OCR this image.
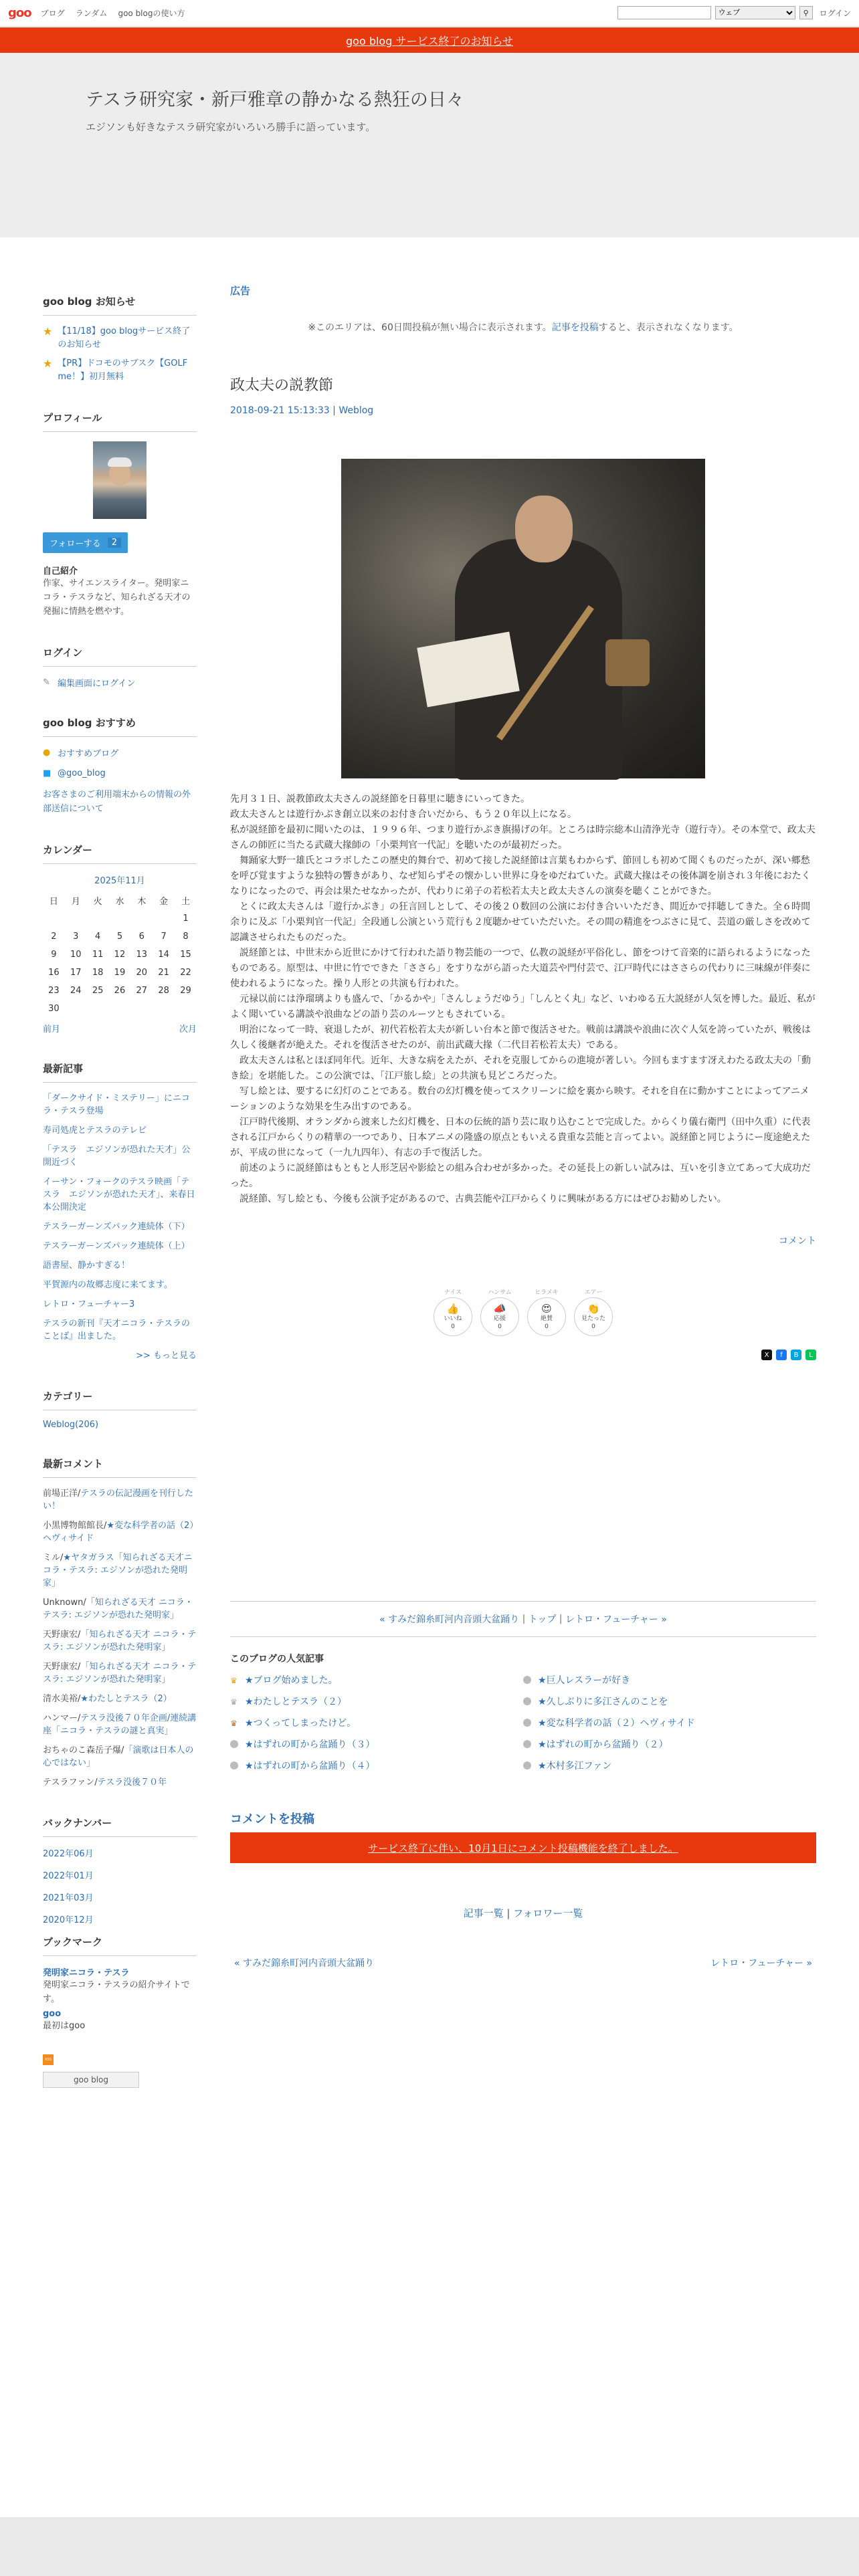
goo ブログ ランダム goo blogの使い方
ウェブ	⚲	ログイン
goo blog サービス終了のお知らせ
テスラ研究家・新戸雅章の静かなる熱狂の日々
エジソンも好きなテスラ研究家がいろいろ勝手に語っています。
goo blog お知らせ
★ 【11/18】goo blogサービス終了のお知らせ
★ 【PR】ドコモのサブスク【GOLF me！】初月無料
プロフィール
フォローする	2
自己紹介
作家、サイエンスライター。発明家ニコラ・テスラなど、知られざる天才の発掘に情熱を燃やす。
ログイン
✎ 編集画面にログイン
goo blog おすすめ
● おすすめブログ
■ @goo_blog
お客さまのご利用端末からの情報の外部送信について
カレンダー
2025年11月
日	月	火	水	木	金	土
						1
2	3	4	5	6	7	8
9	10	11	12	13	14	15
16	17	18	19	20	21	22
23	24	25	26	27	28	29
30						
前月	次月
最新記事
「ダークサイド・ミステリー」にニコラ・テスラ登場
寿司処虎とテスラのテレビ
「テスラ　エジソンが恐れた天才」公開近づく
イーサン・フォークのテスラ映画「テスラ　エジソンが恐れた天才」、来春日本公開決定
テスラーガーンズパック連続体（下）
テスラーガーンズパック連続体（上）
語書屋、静かすぎる！
平賀源内の故郷志度に来てます。
レトロ・フューチャー3
テスラの新刊『天才ニコラ・テスラのことば』出ました。
>> もっと見る
カテゴリー
Weblog(206)
最新コメント
前場正洋/テスラの伝記漫画を刊行したい！
小黒博物館館長/★変な科学者の話（2）ヘヴィサイド
ミル/★ヤタガラス「知られざる天才ニコラ・テスラ: エジソンが恐れた発明家」
Unknown/「知られざる天才 ニコラ・テスラ: エジソンが恐れた発明家」
天野康宏/「知られざる天才 ニコラ・テスラ: エジソンが恐れた発明家」
天野康宏/「知られざる天才 ニコラ・テスラ: エジソンが恐れた発明家」
清水美裕/★わたしとテスラ（2）
ハンマー/テスラ没後７０年企画/連続講座「ニコラ・テスラの謎と真実」
おちゃのこ森岳子爆/「演歌は日本人の心ではない」
テスラファン/テスラ没後７０年
バックナンバー
2022年06月
2022年01月
2021年03月
2020年12月
ブックマーク
発明家ニコラ・テスラ
発明家ニコラ・テスラの紹介サイトです。
goo
最初はgoo
RSS
goo blog
広告
※このエリアは、60日間投稿が無い場合に表示されます。記事を投稿すると、表示されなくなります。
政太夫の説教節
2018-09-21 15:13:33 | Weblog

先月３１日、説教節政太夫さんの説経節を日暮里に聴きにいってきた。

政太夫さんとは遊行かぶき創立以来のお付き合いだから、もう２０年以上になる。

私が説経節を最初に聞いたのは、１９９６年、つまり遊行かぶき旗揚げの年。ところは時宗総本山清浄光寺（遊行寺）。その本堂で、政太夫さんの師匠に当たる武蔵大掾師の「小栗判官一代記」を聴いたのが最初だった。

　舞踊家大野一雄氏とコラボしたこの歴史的舞台で、初めて接した説経節は言葉もわからず、節回しも初めて聞くものだったが、深い郷愁を呼び覚ますような独特の響きがあり、なぜ知らずその懐かしい世界に身をゆだねていた。武蔵大掾はその後体調を崩され３年後におたくなりになったので、再会は果たせなかったが、代わりに弟子の若松若太夫と政太夫さんの演奏を聴くことができた。

　とくに政太夫さんは「遊行かぶき」の狂言回しとして、その後２０数回の公演にお付き合いいただき、間近かで拝聴してきた。全６時間余りに及ぶ「小栗判官一代記」全段通し公演という荒行も２度聴かせていただいた。その間の精進をつぶさに見て、芸道の厳しさを改めて認識させられたものだった。

　説経節とは、中世末から近世にかけて行われた語り物芸能の一つで、仏教の説経が平俗化し、節をつけて音楽的に語られるようになったものである。原型は、中世に竹でできた「ささら」をすりながら語った大道芸や門付芸で、江戸時代にはささらの代わりに三味線が伴奏に使われるようになった。操り人形との共演も行われた。

　元禄以前には浄瑠璃よりも盛んで、「かるかや」「さんしょうだゆう」「しんとく丸」など、いわゆる五大説経が人気を博した。最近、私がよく聞いている講談や浪曲などの語り芸のルーツともされている。

　明治になって一時、衰退したが、初代若松若太夫が新しい台本と節で復活させた。戦前は講談や浪曲に次ぐ人気を誇っていたが、戦後は久しく後継者が絶えた。それを復活させたのが、前出武蔵大掾（二代目若松若太夫）である。

　政太夫さんは私とほぼ同年代。近年、大きな病をえたが、それを克服してからの進境が著しい。今回もますます冴えわたる政太夫の「動き絵」を堪能した。この公演では、「江戸旅し絵」との共演も見どころだった。

　写し絵とは、要するに幻灯のことである。数台の幻灯機を使ってスクリーンに絵を裏から映す。それを自在に動かすことによってアニメーションのような効果を生み出すのである。

　江戸時代後期、オランダから渡来した幻灯機を、日本の伝統的語り芸に取り込むことで完成した。からくり儀右衛門（田中久重）に代表される江戸からくりの精華の一つであり、日本アニメの隆盛の原点ともいえる貴重な芸能と言ってよい。説経節と同じようにー度途絶えたが、平成の世になって（一九九四年）、有志の手で復活した。

　前述のように説経節はもともと人形芝居や影絵との組み合わせが多かった。その延長上の新しい試みは、互いを引き立てあって大成功だった。

　説経節、写し絵とも、今後も公演予定があるので、古典芸能や江戸からくりに興味がある方にはぜひお勧めしたい。

コメント
ナイス
👍
いいね
0
ハンサム
📣
応援
0
ヒラメキ
😍
絶賛
0
エアー
👏
見たった
0
X	f	B	L
« すみだ錦糸町河内音頭大盆踊り | トップ | レトロ・フューチャー »
このブログの人気記事
♛ ★ブログ始めました。	★巨人レスラーが好き
♛ ★わたしとテスラ（２）	★久しぶりに多江さんのことを
♛ ★つくってしまったけど。	★変な科学者の話（２）ヘヴィサイド
★はずれの町から盆踊り（３）	★はずれの町から盆踊り（２）
★はずれの町から盆踊り（４）	★木村多江ファン
コメントを投稿
サービス終了に伴い、10月1日にコメント投稿機能を終了しました。
記事一覧 | フォロワー一覧
« すみだ錦糸町河内音頭大盆踊り	レトロ・フューチャー »
